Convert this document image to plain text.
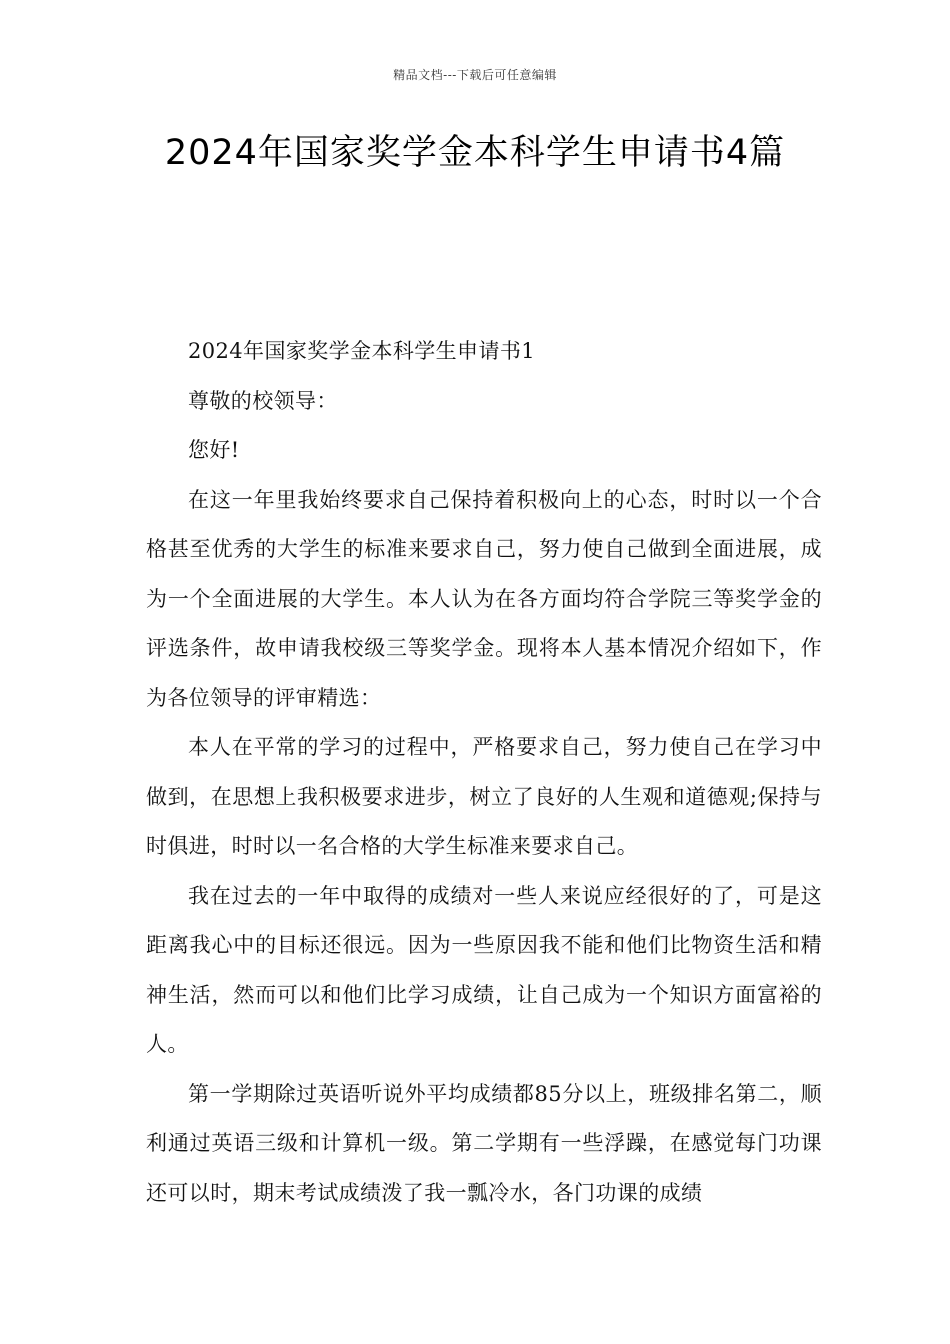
精品文档---下载后可任意编辑
2024年国家奖学金本科学生申请书4篇

2024年国家奖学金本科学生申请书1

尊敬的校领导：

您好!

在这一年里我始终要求自己保持着积极向上的心态，时时以一个合格甚至优秀的大学生的标准来要求自己，努力使自己做到全面进展，成为一个全面进展的大学生。本人认为在各方面均符合学院三等奖学金的评选条件，故申请我校级三等奖学金。现将本人基本情况介绍如下，作为各位领导的评审精选：

本人在平常的学习的过程中，严格要求自己，努力使自己在学习中做到，在思想上我积极要求进步，树立了良好的人生观和道德观;保持与时俱进，时时以一名合格的大学生标准来要求自己。

我在过去的一年中取得的成绩对一些人来说应经很好的了，可是这距离我心中的目标还很远。因为一些原因我不能和他们比物资生活和精神生活，然而可以和他们比学习成绩，让自己成为一个知识方面富裕的人。

第一学期除过英语听说外平均成绩都85分以上，班级排名第二，顺利通过英语三级和计算机一级。第二学期有一些浮躁，在感觉每门功课还可以时，期末考试成绩泼了我一瓢冷水，各门功课的成绩
